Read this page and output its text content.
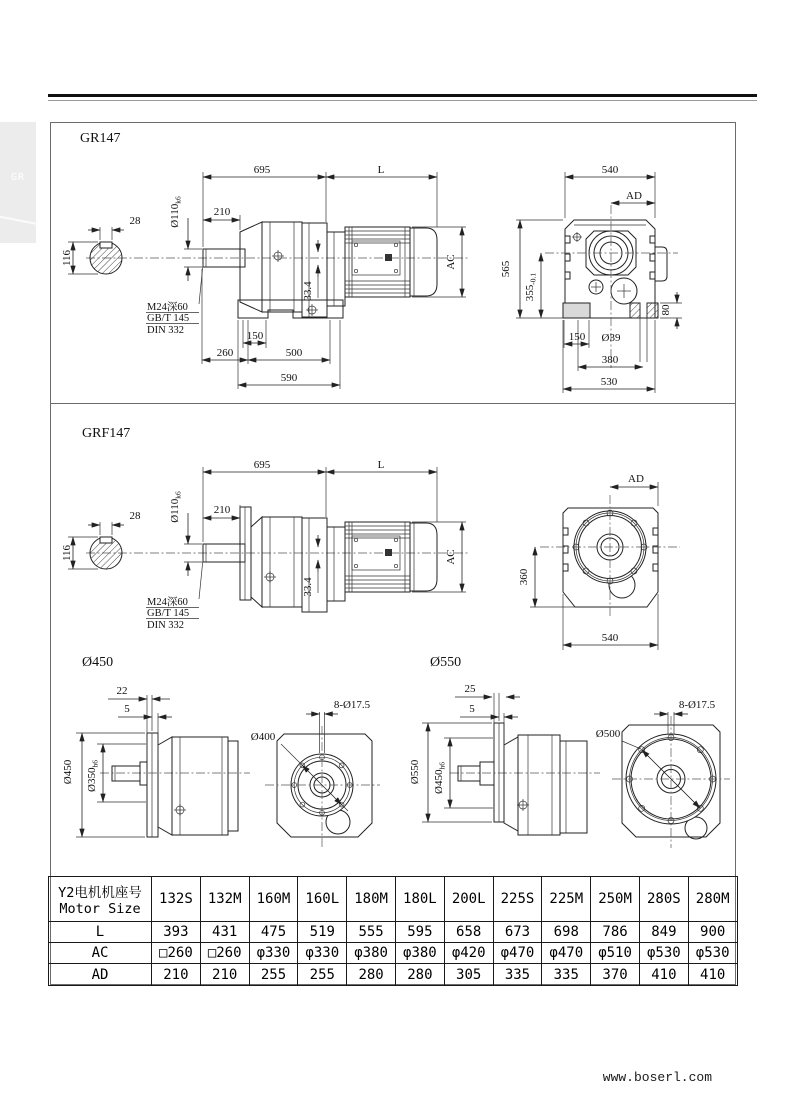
GR
GR147
28
116
695	L
210
$Ø110_{k6}$
33.4
M24深60
GB/T 145
DIN 332
AC
150
260	500
590
540
AD
565
$355_{-0.1}$
80
150 Ø39
380
530
GRF147
28
116
695	L
210
$Ø110_{k6}$
33.4
M24深60
GB/T 145
DIN 332
AC
AD
360
540
Ø450
22
5
Ø450 $Ø350_{h6}$
Ø400
8-Ø17.5
Ø550
25
5
Ø550 $Ø450_{h6}$
Ø500
8-Ø17.5
Y2电机机座号
Motor Size	132S	132M	160M	160L	180M	180L	200L	225S	225M	250M	280S	280M
L	393	431	475	519	555	595	658	673	698	786	849	900
AC	□260	□260	φ330	φ330	φ380	φ380	φ420	φ470	φ470	φ510	φ530	φ530
AD	210	210	255	255	280	280	305	335	335	370	410	410
www.boserl.com
